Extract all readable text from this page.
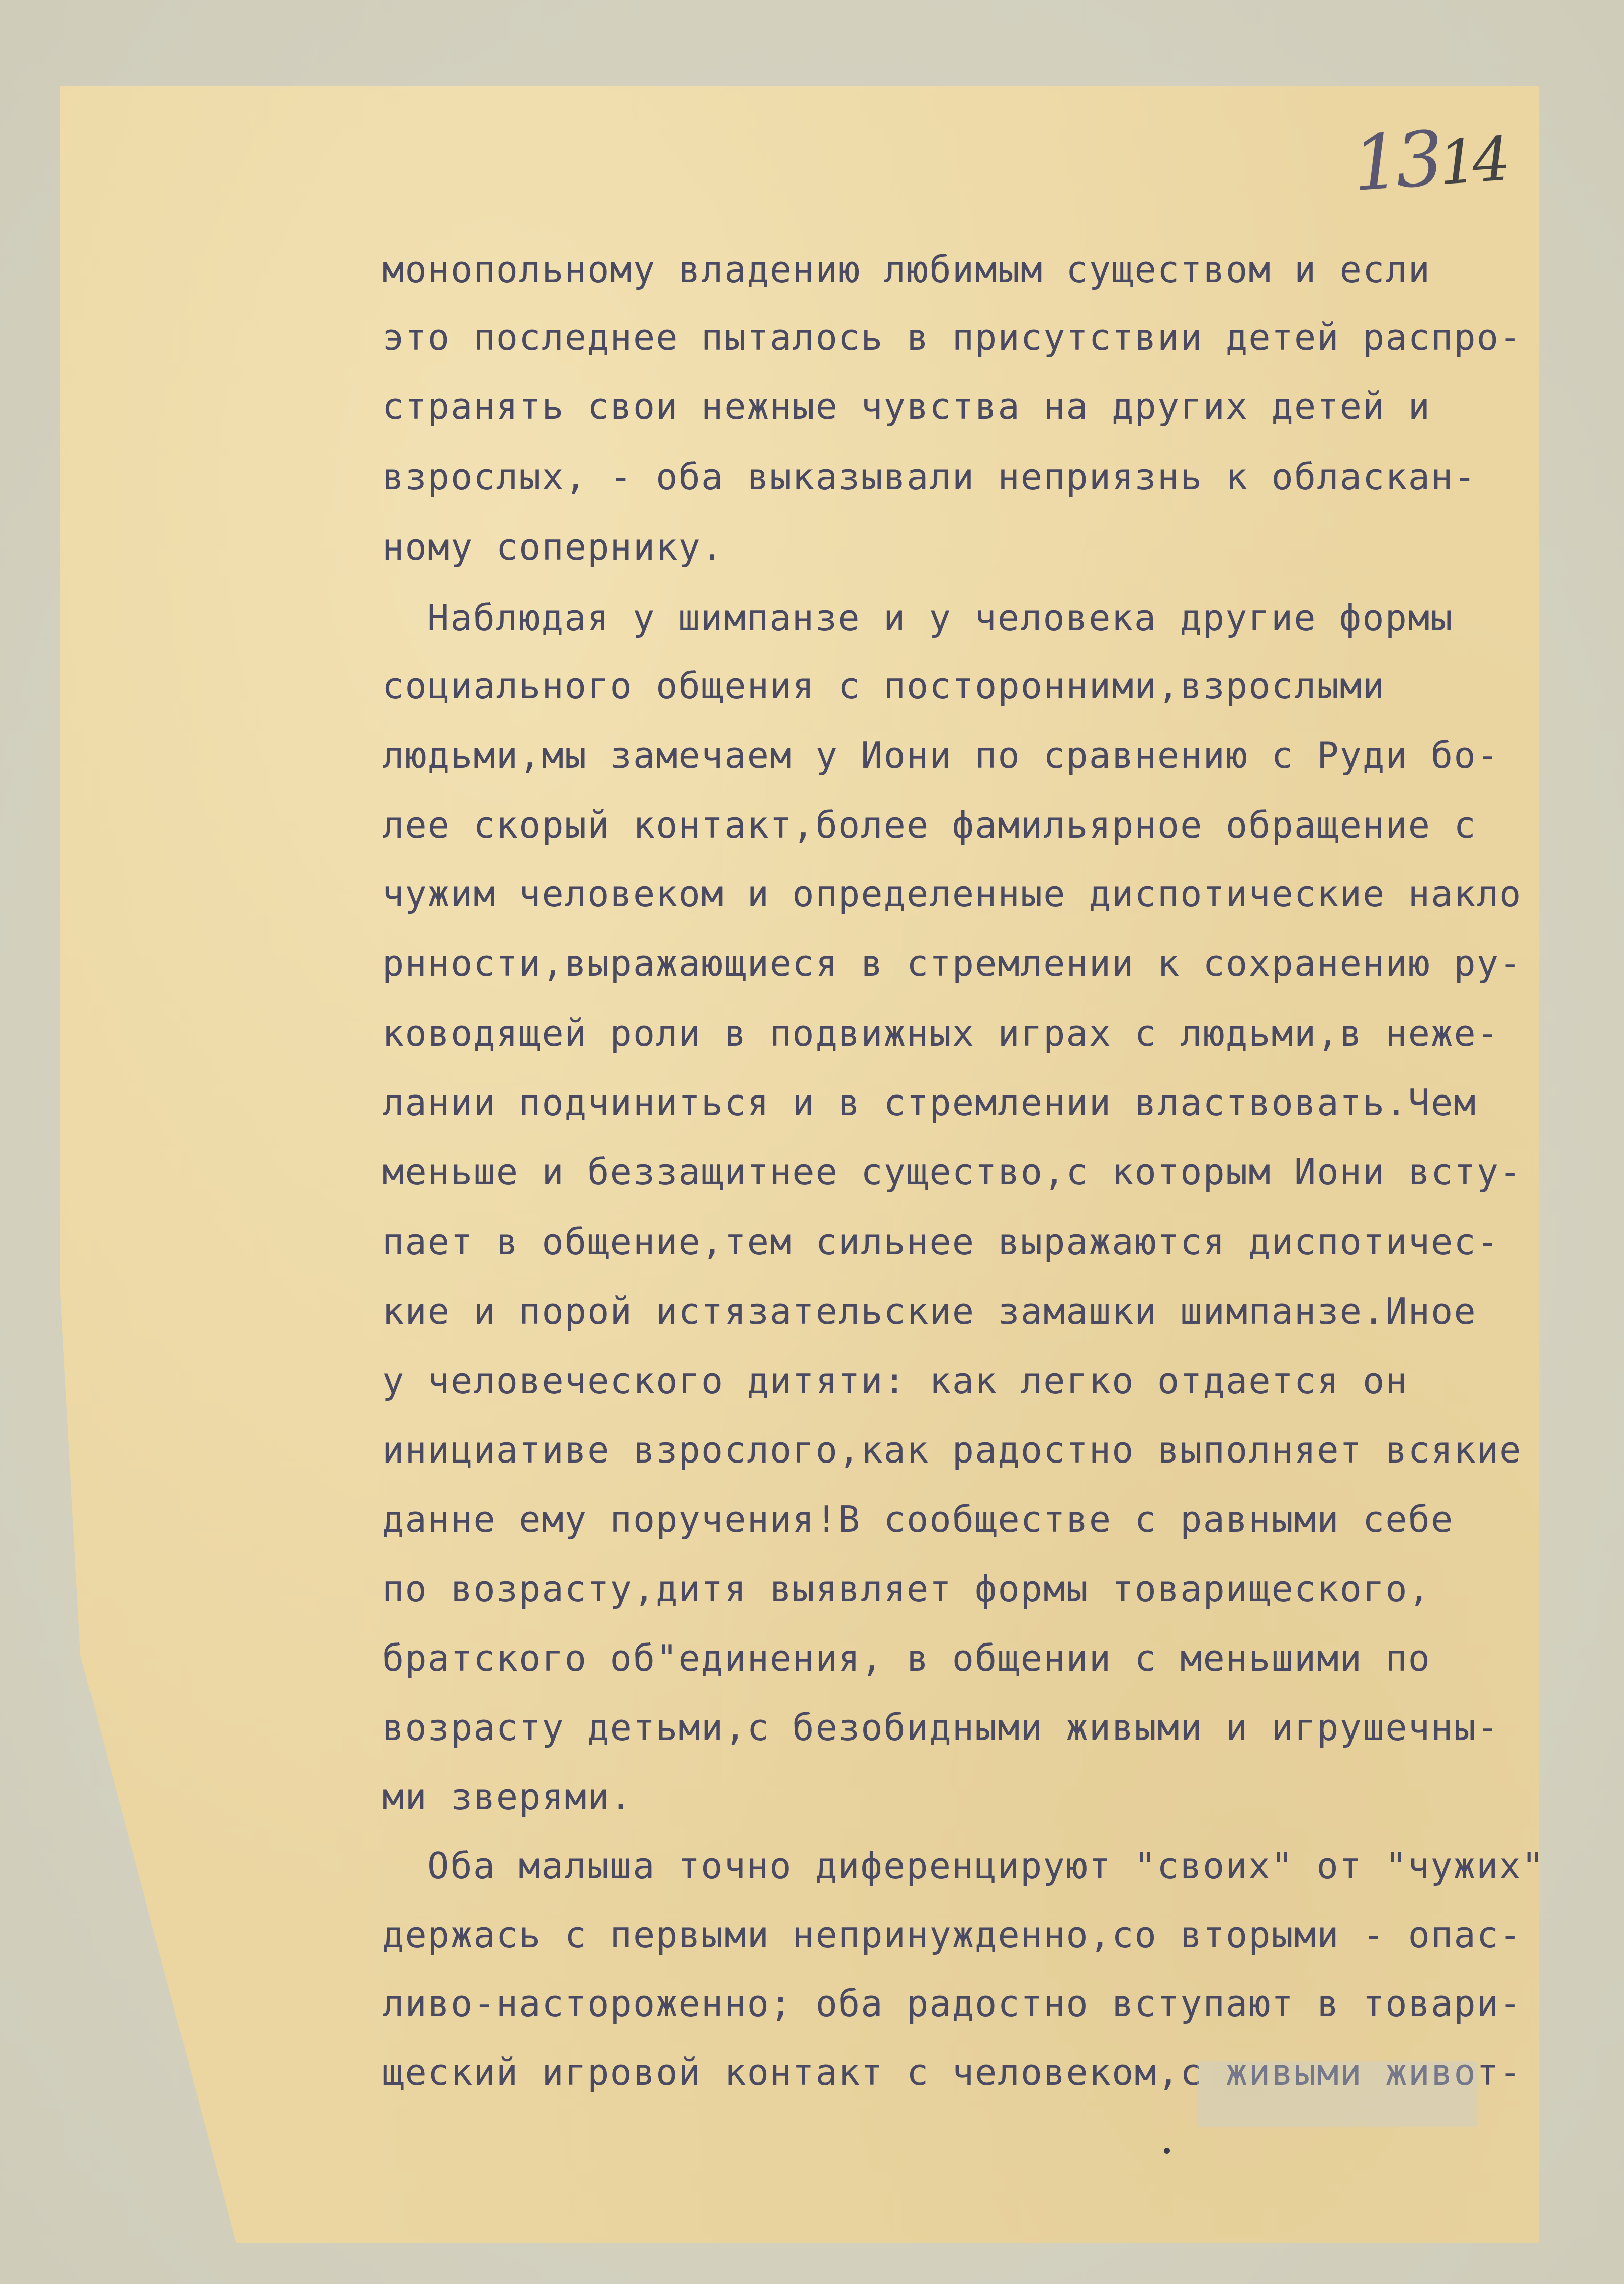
1314
монопольному владению любимым существом и если
это последнее пыталось в присутствии детей распро-
странять свои нежные чувства на других детей и
взрослых, - оба выказывали неприязнь к обласкан-
ному сопернику.
Наблюдая у шимпанзе и у человека другие формы
социального общения с посторонними,взрослыми
людьми,мы замечаем у Иони по сравнению с Руди бо-
лее скорый контакт,более фамильярное обращение с
чужим человеком и определенные диспотические накло
рнности,выражающиеся в стремлении к сохранению ру-
ководящей роли в подвижных играх с людьми,в неже-
лании подчиниться и в стремлении властвовать.Чем
меньше и беззащитнее существо,с которым Иони всту-
пает в общение,тем сильнее выражаются диспотичес-
кие и порой истязательские замашки шимпанзе.Иное
у человеческого дитяти: как легко отдается он
инициативе взрослого,как радостно выполняет всякие
данне ему поручения!В сообществе с равными себе
по возрасту,дитя выявляет формы товарищеского,
братского об"единения, в общении с меньшими по
возрасту детьми,с безобидными живыми и игрушечны-
ми зверями.
Оба малыша точно диференцируют "своих" от "чужих"
держась с первыми непринужденно,со вторыми - опас-
ливо-настороженно; оба радостно вступают в товари-
щеский игровой контакт с человеком,с живыми живот-
